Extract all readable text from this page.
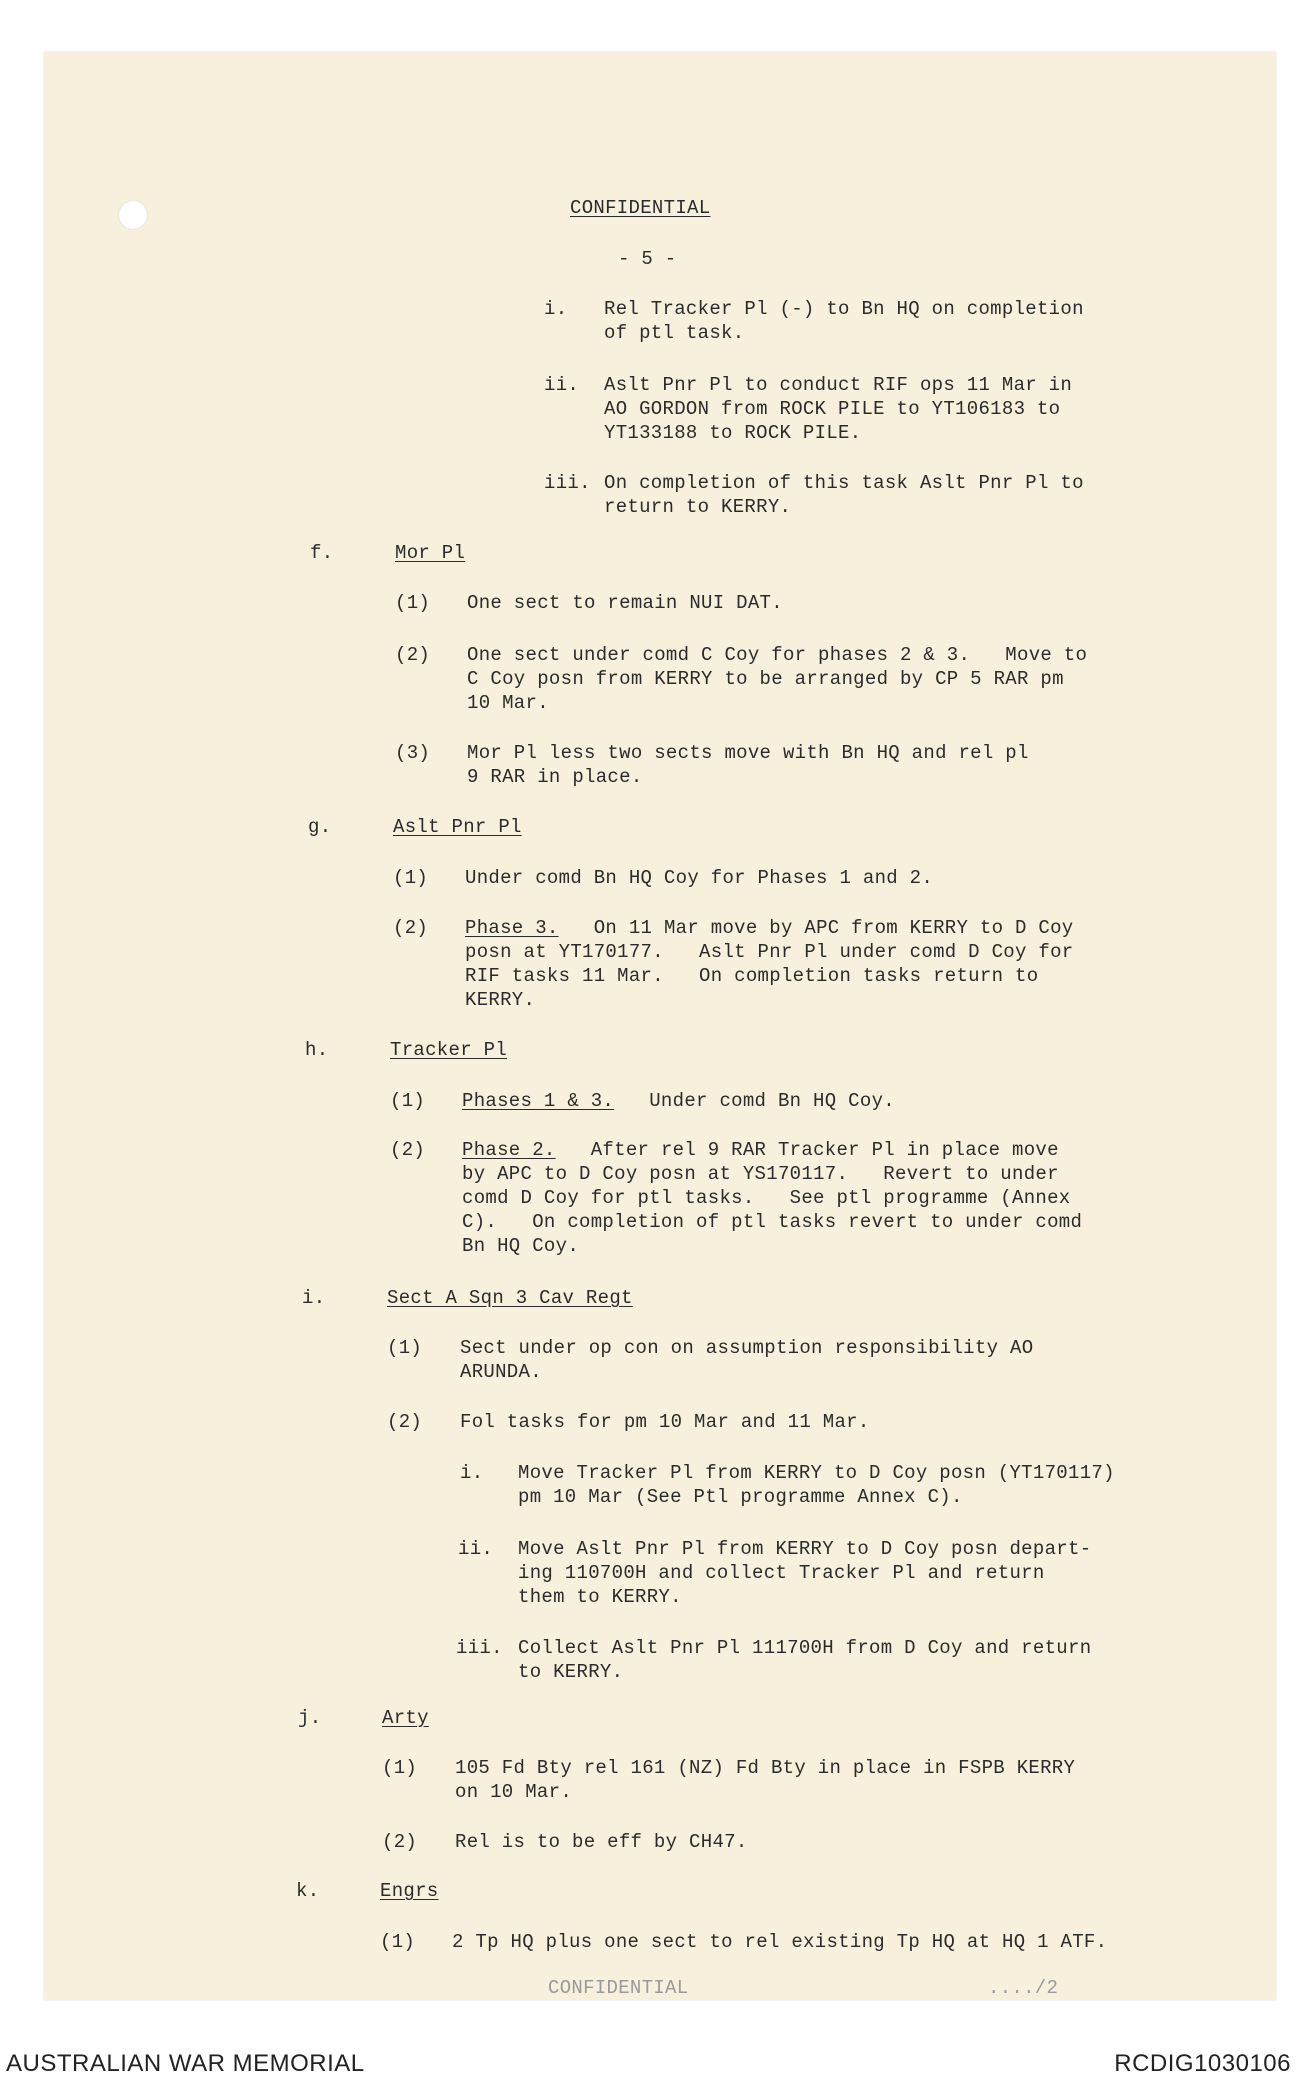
CONFIDENTIAL
- 5 -
i. Rel Tracker Pl (-) to Bn HQ on completion
of ptl task.
ii. Aslt Pnr Pl to conduct RIF ops 11 Mar in
AO GORDON from ROCK PILE to YT106183 to
YT133188 to ROCK PILE.
iii. On completion of this task Aslt Pnr Pl to
return to KERRY.
f.	Mor Pl
(1) One sect to remain NUI DAT.
(2) One sect under comd C Coy for phases 2 & 3.   Move to
C Coy posn from KERRY to be arranged by CP 5 RAR pm
10 Mar.
(3) Mor Pl less two sects move with Bn HQ and rel pl
9 RAR in place.
g.	Aslt Pnr Pl
(1) Under comd Bn HQ Coy for Phases 1 and 2.
(2) Phase 3.   On 11 Mar move by APC from KERRY to D Coy
posn at YT170177.   Aslt Pnr Pl under comd D Coy for
RIF tasks 11 Mar.   On completion tasks return to
KERRY.
h.	Tracker Pl
(1) Phases 1 & 3.   Under comd Bn HQ Coy.
(2) Phase 2.   After rel 9 RAR Tracker Pl in place move
by APC to D Coy posn at YS170117.   Revert to under
comd D Coy for ptl tasks.   See ptl programme (Annex
C).   On completion of ptl tasks revert to under comd
Bn HQ Coy.
i.	Sect A Sqn 3 Cav Regt
(1) Sect under op con on assumption responsibility AO
ARUNDA.
(2) Fol tasks for pm 10 Mar and 11 Mar.
i. Move Tracker Pl from KERRY to D Coy posn (YT170117)
pm 10 Mar (See Ptl programme Annex C).
ii. Move Aslt Pnr Pl from KERRY to D Coy posn depart-
ing 110700H and collect Tracker Pl and return
them to KERRY.
iii. Collect Aslt Pnr Pl 111700H from D Coy and return
to KERRY.
j.	Arty
(1) 105 Fd Bty rel 161 (NZ) Fd Bty in place in FSPB KERRY
on 10 Mar.
(2) Rel is to be eff by CH47.
k.	Engrs
(1) 2 Tp HQ plus one sect to rel existing Tp HQ at HQ 1 ATF.
CONFIDENTIAL	..../2
AUSTRALIAN WAR MEMORIAL	RCDIG1030106
